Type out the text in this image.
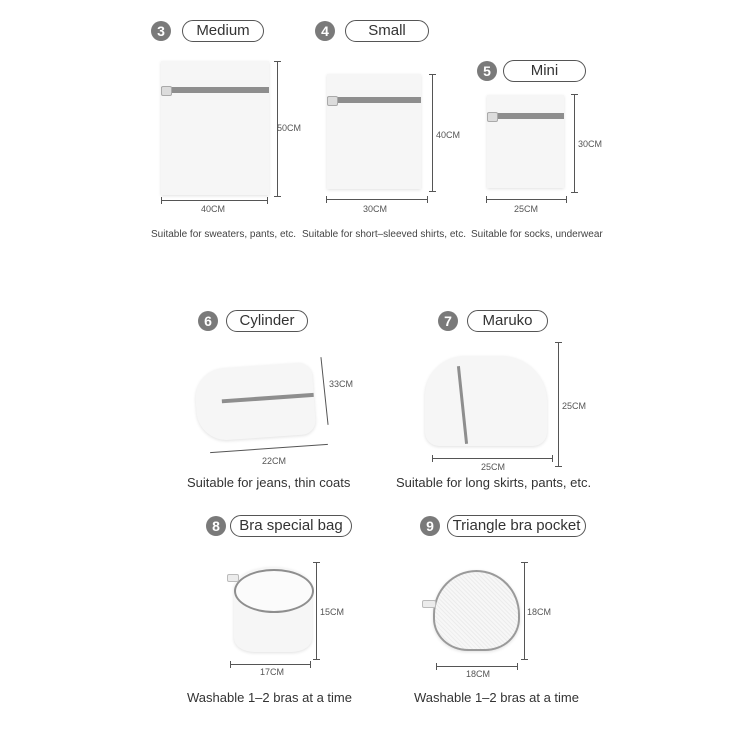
3	Medium
50CM
40CM
Suitable for sweaters, pants, etc.
4	Small
40CM
30CM
Suitable for short–sleeved shirts, etc.
5	Mini
30CM
25CM
Suitable for socks, underwear
6	Cylinder
33CM
22CM
Suitable for jeans, thin coats
7	Maruko
25CM
25CM
Suitable for long skirts, pants, etc.
8	Bra special bag
15CM
17CM
Washable 1–2 bras at a time
9	Triangle bra pocket
18CM
18CM
Washable 1–2 bras at a time
